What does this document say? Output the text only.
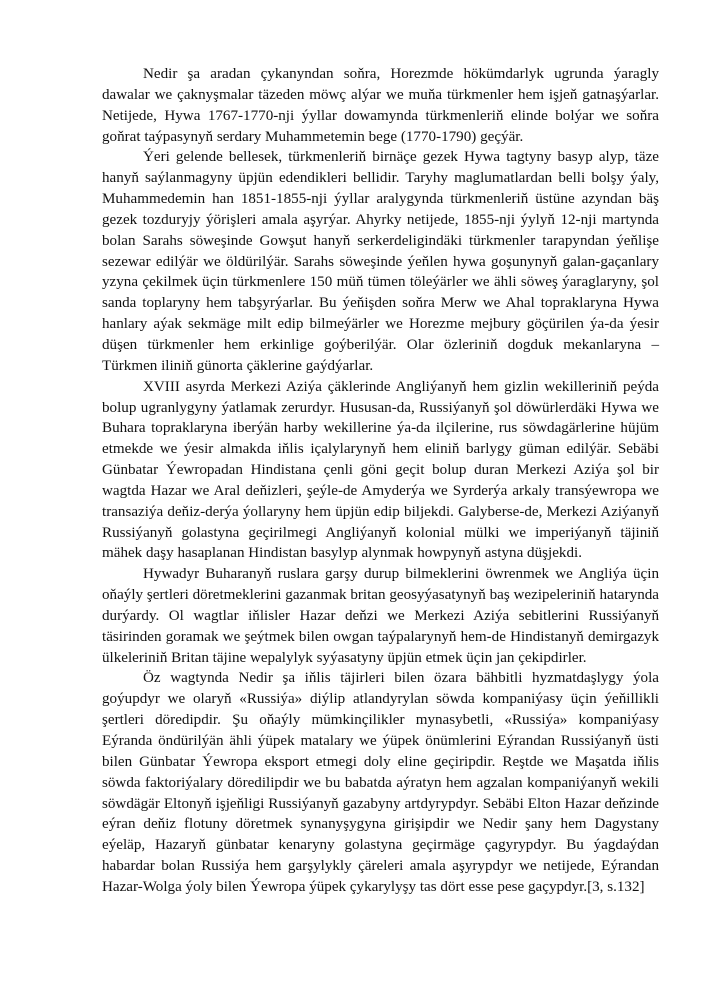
Nedir şa aradan çykanyndan soňra, Horezmde hökümdarlyk ugrunda ýaragly dawalar we çaknyşmalar täzeden möwç alýar we muňa türkmenler hem işjeň gatnaşýarlar. Netijede, Hywa 1767-1770-nji ýyllar dowamynda türkmenleriň elinde bolýar we soňra goňrat taýpasynyň serdary Muhammetemin bege (1770-1790) geçýär.

Ýeri gelende bellesek, türkmenleriň birnäçe gezek Hywa tagtyny basyp alyp, täze hanyň saýlanmagyny üpjün edendikleri bellidir. Taryhy maglumatlardan belli bolşy ýaly, Muhammedemin han 1851-1855-nji ýyllar aralygynda türkmenleriň üstüne azyndan bäş gezek tozduryjy ýörişleri amala aşyrýar. Ahyrky netijede, 1855-nji ýylyň 12-nji martynda bolan Sarahs söweşinde Gowşut hanyň serkerdeligindäki türkmenler tarapyndan ýeňlişe sezewar edilýär we öldürilýär. Sarahs söweşinde ýeňlen hywa goşunynyň galan-gaçanlary yzyna çekilmek üçin türkmenlere 150 müň tümen töleýärler we ähli söweş ýaraglaryny, şol sanda toplaryny hem tabşyrýarlar. Bu ýeňişden soňra Merw we Ahal topraklaryna Hywa hanlary aýak sekmäge milt edip bilmeýärler we Horezme mejbury göçürilen ýa-da ýesir düşen türkmenler hem erkinlige goýberilýär. Olar özleriniň dogduk mekanlaryna – Türkmen iliniň günorta çäklerine gaýdýarlar.

XVIII asyrda Merkezi Aziýa çäklerinde Angliýanyň hem gizlin wekilleriniň peýda bolup ugranlygyny ýatlamak zerurdyr. Hususan-da, Russiýanyň şol döwürlerdäki Hywa we Buhara topraklaryna iberýän harby wekillerine ýa-da ilçilerine, rus söwdagärlerine hüjüm etmekde we ýesir almakda iňlis içalylarynyň hem eliniň barlygy güman edilýär. Sebäbi Günbatar Ýewropadan Hindistana çenli göni geçit bolup duran Merkezi Aziýa şol bir wagtda Hazar we Aral deňizleri, şeýle-de Amyderýa we Syrderýa arkaly transýewropa we transaziýa deňiz-derýa ýollaryny hem üpjün edip biljekdi. Galyberse-de, Merkezi Aziýanyň Russiýanyň golastyna geçirilmegi Angliýanyň kolonial mülki we imperiýanyň täjiniň mähek daşy hasaplanan Hindistan basylyp alynmak howpynyň astyna düşjekdi.

Hywadyr Buharanyň ruslara garşy durup bilmeklerini öwrenmek we Angliýa üçin oňaýly şertleri döretmeklerini gazanmak britan geosyýasatynyň baş wezipeleriniň hatarynda durýardy. Ol wagtlar iňlisler Hazar deňzi we Merkezi Aziýa sebitlerini Russiýanyň täsirinden goramak we şeýtmek bilen owgan taýpalarynyň hem-de Hindistanyň demirgazyk ülkeleriniň Britan täjine wepalylyk syýasatyny üpjün etmek üçin jan çekipdirler.

Öz wagtynda Nedir şa iňlis täjirleri bilen özara bähbitli hyzmatdaşlygy ýola goýupdyr we olaryň «Russiýa» diýlip atlandyrylan söwda kompaniýasy üçin ýeňillikli şertleri döredipdir. Şu oňaýly mümkinçilikler mynasybetli, «Russiýa» kompaniýasy Eýranda öndürilýän ähli ýüpek matalary we ýüpek önümlerini Eýrandan Russiýanyň üsti bilen Günbatar Ýewropa eksport etmegi doly eline geçiripdir. Reştde we Maşatda iňlis söwda faktoriýalary döredilipdir we bu babatda aýratyn hem agzalan kompaniýanyň wekili söwdägär Eltonyň işjeňligi Russiýanyň gazabyny artdyrypdyr. Sebäbi Elton Hazar deňzinde eýran deňiz flotuny döretmek synanyşygyna girişipdir we Nedir şany hem Dagystany eýeläp, Hazaryň günbatar kenaryny golastyna geçirmäge çagyrypdyr. Bu ýagdaýdan habardar bolan Russiýa hem garşylykly çäreleri amala aşyrypdyr we netijede, Eýrandan Hazar-Wolga ýoly bilen Ýewropa ýüpek çykarylyşy tas dört esse pese gaçypdyr.[3, s.132]
